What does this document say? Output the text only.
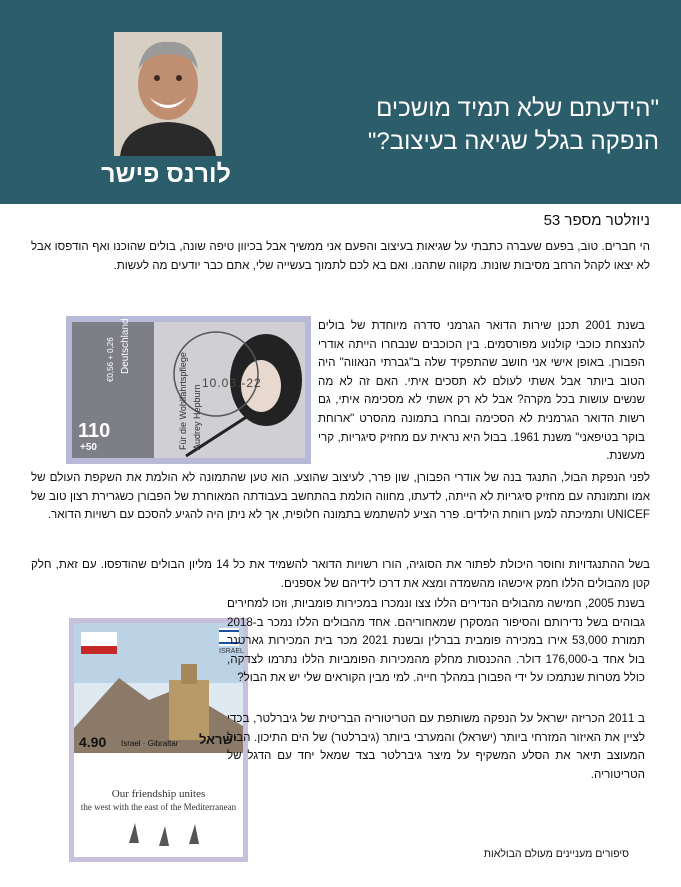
לורנס פישר
"הידעתם שלא תמיד מושכים
הנפקה בגלל שגיאה בעיצוב?"
ניוזלטר מספר 53

הי חברים. טוב, בפעם שעברה כתבתי על שגיאות בעיצוב והפעם אני ממשיך אבל בכיוון טיפה שונה, בולים שהוכנו ואף הודפסו אבל לא יצאו לקהל הרחב מסיבות שונות. מקווה שתהנו. ואם בא לכם לתמוך בעשייה שלי, אתם כבר יודעים מה לעשות.

Deutschland
€0,56 + 0,26	Für die Wohlfahrtspflege Audrey Hepburn
10.03.-22
110
+50

בשנת 2001 תכנן שירות הדואר הגרמני סדרה מיוחדת של בולים להנצחת כוכבי קולנוע מפורסמים. בין הכוכבים שנבחרו הייתה אודרי הפבורן. באופן אישי אני חושב שהתפקיד שלה ב"גברתי הנאווה" היה הטוב ביותר אבל אשתי לעולם לא תסכים איתי. האם זה לא מה שנשים עושות בכל מקרה? אבל לא רק אשתי לא מסכימה איתי, גם רשות הדואר הגרמנית לא הסכימה ובחרו בתמונה מהסרט "ארוחת בוקר בטיפאני" משנת 1961. בבול היא נראית עם מחזיק סיגריות, קרי מעשנת.

לפני הנפקת הבול, התנגד בנה של אודרי הפבורן, שון פרר, לעיצוב שהוצע. הוא טען שהתמונה לא הולמת את השקפת העולם של אמו ותמונתה עם מחזיק סיגריות לא הייתה, לדעתו, מחווה הולמת בהתחשב בעבודתה המאוחרת של הפבורן כשגרירת רצון טוב של UNICEF ותמיכתה למען רווחת הילדים. פרר הציע להשתמש בתמונה חלופית, אך לא ניתן היה להגיע להסכם עם רשויות הדואר.

בשל ההתנגדויות וחוסר היכולת לפתור את הסוגיה, הורו רשויות הדואר להשמיד את כל 14 מליון הבולים שהודפסו. עם זאת, חלק קטן מהבולים הללו חמק איכשהו מהשמדה ומצא את דרכו לידיהם של אספנים.

ISRAEL
4.90 Israel · Gibraltar ישראל
Our friendship unites
the west with the east of the Mediterranean

בשנת 2005, חמישה מהבולים הנדירים הללו צצו ונמכרו במכירות פומביות, וזכו למחירים גבוהים בשל נדירותם והסיפור המסקרן שמאחוריהם. אחד מהבולים הללו נמכר ב-2018 תמורת 53,000 אירו במכירה פומבית בברלין ובשנת 2021 מכר בית המכירות גארטנר בול אחד ב-176,000 דולר. ההכנסות מחלק מהמכירות הפומביות הללו נתרמו לצדקה, כולל מטרות שנתמכו על ידי הפבורן במהלך חייה. למי מבין הקוראים שלי יש את הבול?

ב 2011 הכריזה ישראל על הנפקה משותפת עם הטריטוריה הבריטית של גיברלטר, בכדי לציין את האיזור המזרחי ביותר (ישראל) והמערבי ביותר (גיברלטר) של הים התיכון. הבול המעוצב תיאר את הסלע המשקיף על מיצר גיברלטר בצד שמאל יחד עם הדגל של הטריטוריה.

סיפורים מעניינים מעולם הבולאות
